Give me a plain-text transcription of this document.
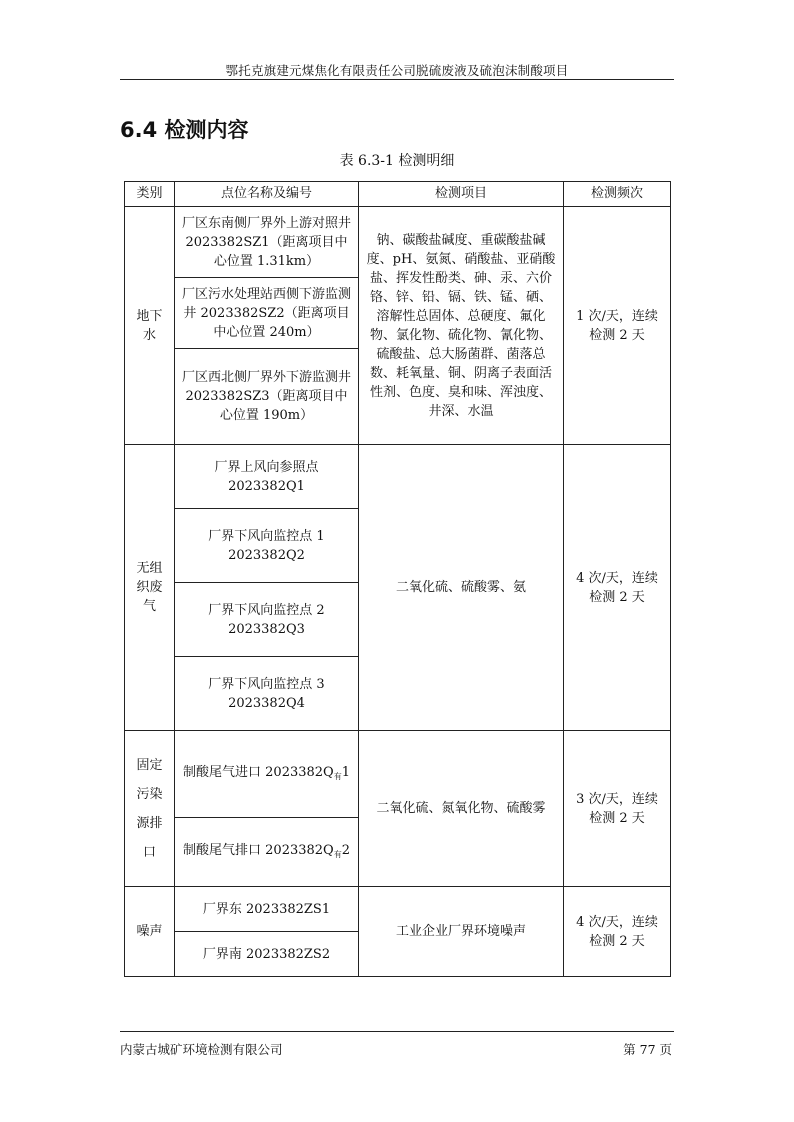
鄂托克旗建元煤焦化有限责任公司脱硫废液及硫泡沫制酸项目
6.4 检测内容
表 6.3-1 检测明细
类别	点位名称及编号	检测项目	检测频次
地下水	厂区东南侧厂界外上游对照井 2023382SZ1（距离项目中心位置 1.31km）	钠、碳酸盐碱度、重碳酸盐碱度、pH、氨氮、硝酸盐、亚硝酸盐、挥发性酚类、砷、汞、六价铬、锌、铅、镉、铁、锰、硒、溶解性总固体、总硬度、氟化物、氯化物、硫化物、氰化物、硫酸盐、总大肠菌群、菌落总数、耗氧量、铜、阴离子表面活性剂、色度、臭和味、浑浊度、井深、水温	1 次/天，连续检测 2 天
	厂区污水处理站西侧下游监测井 2023382SZ2（距离项目中心位置 240m）		
	厂区西北侧厂界外下游监测井 2023382SZ3（距离项目中心位置 190m）		
无组织废气	厂界上风向参照点
2023382Q1	二氧化硫、硫酸雾、氨	4 次/天，连续检测 2 天
	厂界下风向监控点 1
2023382Q2		
	厂界下风向监控点 2
2023382Q3		
	厂界下风向监控点 3
2023382Q4		
固定污染源排口	制酸尾气进口 $2023382Q_有1$	二氧化硫、氮氧化物、硫酸雾	3 次/天，连续检测 2 天
	制酸尾气排口 $2023382Q_有2$		
噪声	厂界东 2023382ZS1	工业企业厂界环境噪声	4 次/天，连续检测 2 天
	厂界南 2023382ZS2		
内蒙古城矿环境检测有限公司	第 77 页
